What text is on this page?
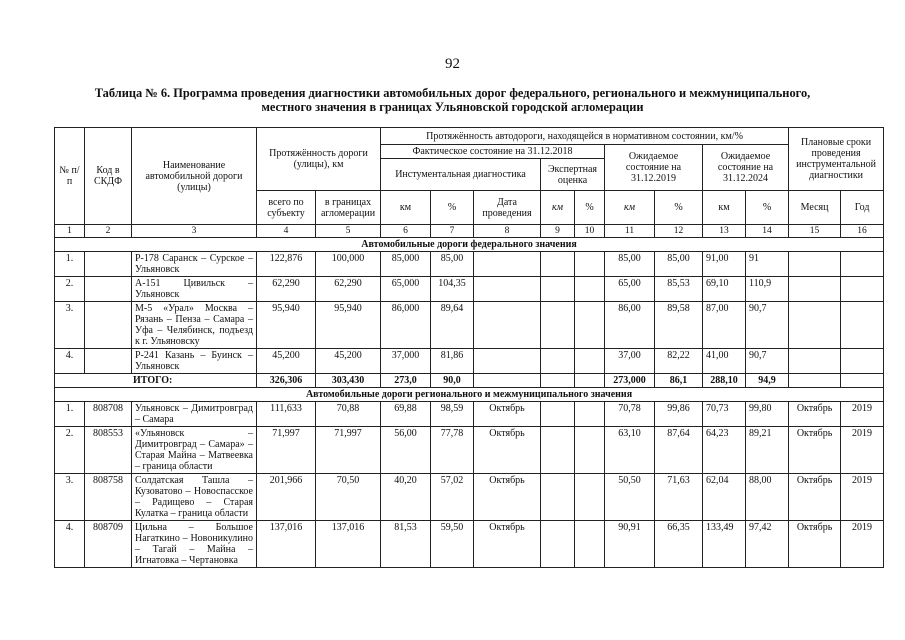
92
Таблица № 6. Программа проведения диагностики автомобильных дорог федерального, регионального и межмуниципального,
местного значения в границах Ульяновской городской агломерации
№ п/п	Код в СКДФ	Наименование автомобильной дороги (улицы)	Протяжённость дороги (улицы), км		Протяжённость автодороги, находящейся в нормативном состоянии, км/%									Плановые сроки проведения инструментальной диагностики	
					Фактическое состояние на 31.12.2018					Ожидаемое состояние на 31.12.2019		Ожидаемое состояние на 31.12.2024			
					Инстументальная диагностика			Экспертная оценка							
			всего по субъекту	в границах агломерации	км	%	Дата проведения	км	%	км	%	км	%	Месяц	Год
1	2	3	4	5	6	7	8	9	10	11	12	13	14	15	16
Автомобильные дороги федерального значения															
1.		Р-178 Саранск – Сурское – Ульяновск	122,876	100,000	85,000	85,00				85,00	85,00	91,00	91		
2.		А-151 Цивильск – Ульяновск	62,290	62,290	65,000	104,35				65,00	85,53	69,10	110,9		
3.		М-5 «Урал» Москва – Рязань – Пенза – Самара – Уфа – Челябинск, подъезд к г. Ульяновску	95,940	95,940	86,000	89,64				86,00	89,58	87,00	90,7		
4.		Р-241 Казань – Буинск – Ульяновск	45,200	45,200	37,000	81,86				37,00	82,22	41,00	90,7		
ИТОГО:			326,306	303,430	273,0	90,0				273,000	86,1	288,10	94,9		
Автомобильные дороги регионального и межмуниципального значения															
1.	808708	Ульяновск – Димитровград – Самара	111,633	70,88	69,88	98,59	Октябрь			70,78	99,86	70,73	99,80	Октябрь	2019
2.	808553	«Ульяновск – Димитровград – Самара» – Старая Майна – Матвеевка – граница области	71,997	71,997	56,00	77,78	Октябрь			63,10	87,64	64,23	89,21	Октябрь	2019
3.	808758	Солдатская Ташла – Кузоватово – Новоспасское – Радищево – Старая Кулатка – граница области	201,966	70,50	40,20	57,02	Октябрь			50,50	71,63	62,04	88,00	Октябрь	2019
4.	808709	Цильна – Большое Нагаткино – Новоникулино – Тагай – Майна – Игнатовка – Чертановка	137,016	137,016	81,53	59,50	Октябрь			90,91	66,35	133,49	97,42	Октябрь	2019
